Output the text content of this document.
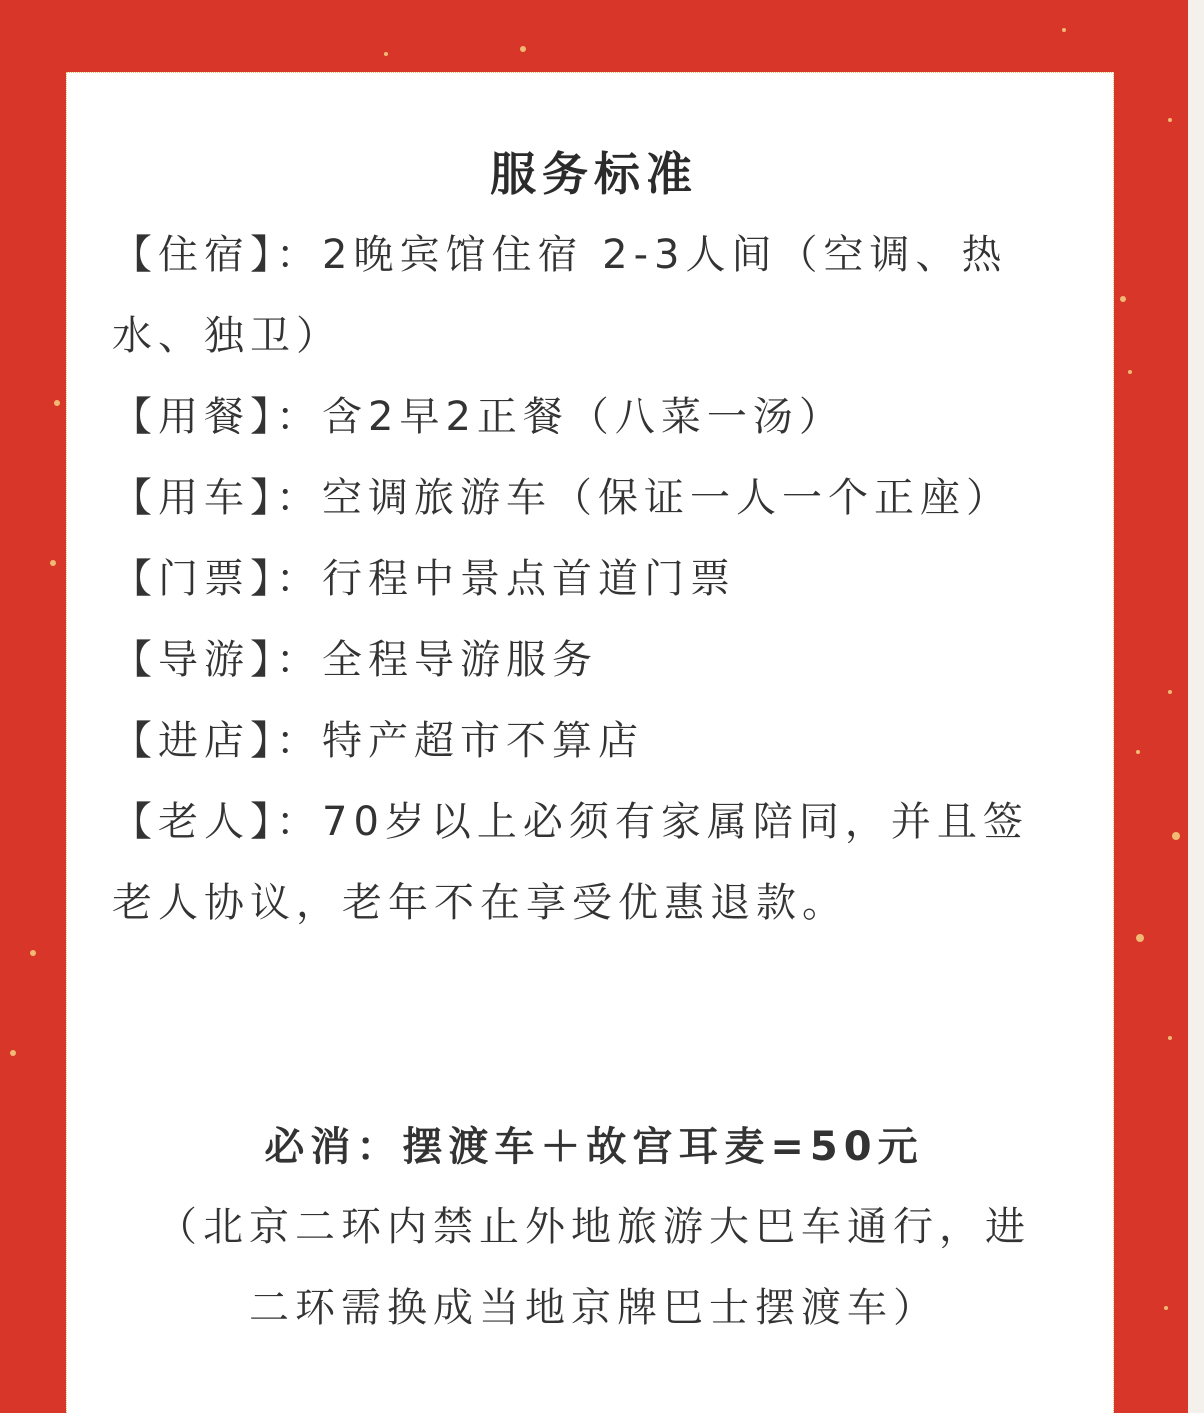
服务标准

【住宿】：2晚宾馆住宿 2-3人间（空调、热水、独卫）

【用餐】：含2早2正餐（八菜一汤）

【用车】：空调旅游车（保证一人一个正座）

【门票】：行程中景点首道门票

【导游】：全程导游服务

【进店】：特产超市不算店

【老人】：70岁以上必须有家属陪同，并且签老人协议，老年不在享受优惠退款。

必消：摆渡车＋故宫耳麦=50元
（北京二环内禁止外地旅游大巴车通行，进二环需换成当地京牌巴士摆渡车）
